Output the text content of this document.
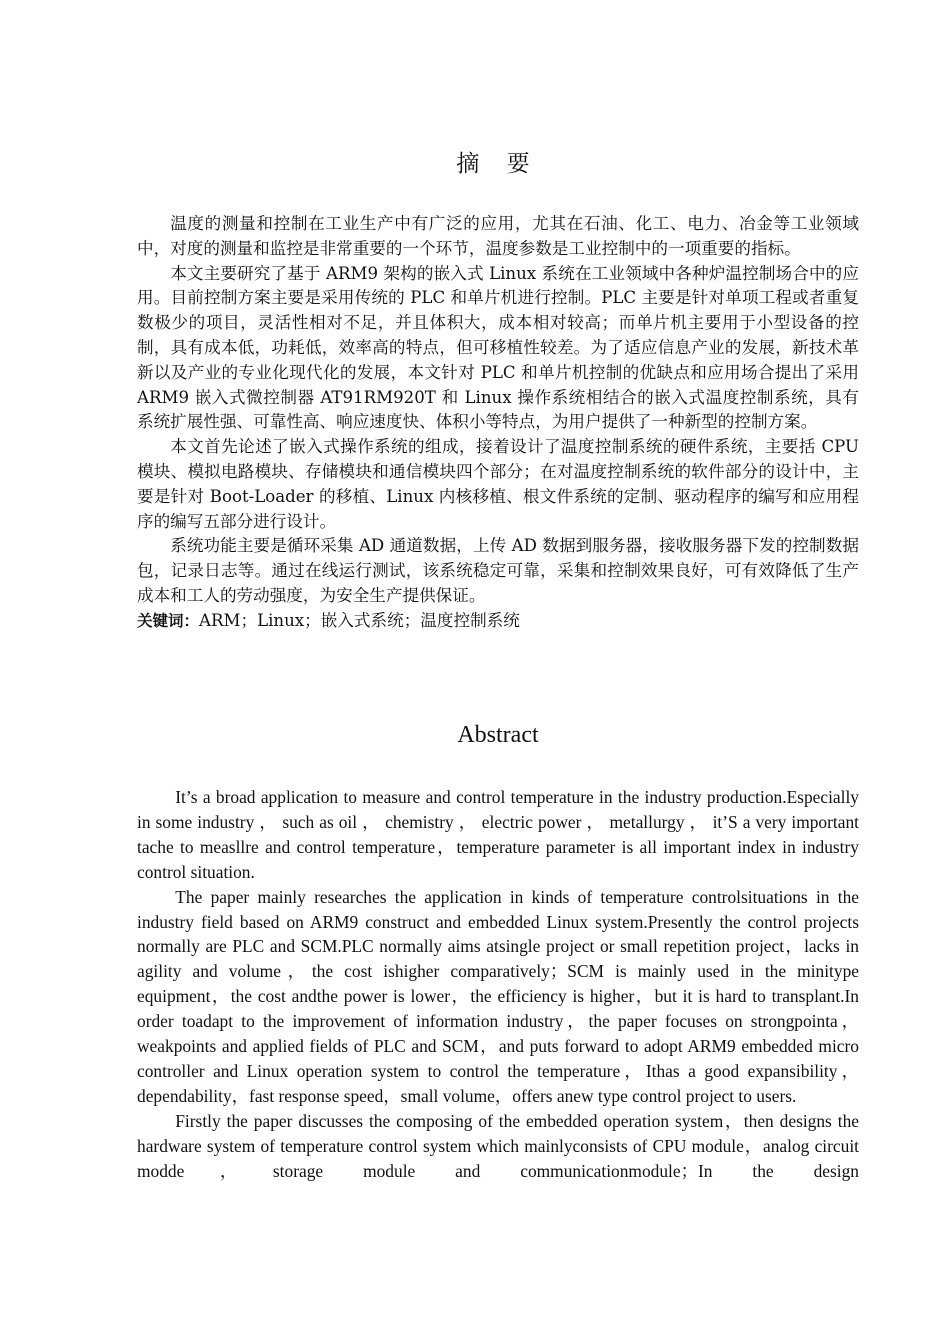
摘 要

温度的测量和控制在工业生产中有广泛的应用，尤其在石油、化工、电力、冶金等工业领域中，对度的测量和监控是非常重要的一个环节，温度参数是工业控制中的一项重要的指标。

本文主要研究了基于 ARM9 架构的嵌入式 Linux 系统在工业领域中各种炉温控制场合中的应用。目前控制方案主要是采用传统的 PLC 和单片机进行控制。PLC 主要是针对单项工程或者重复数极少的项目，灵活性相对不足，并且体积大，成本相对较高；而单片机主要用于小型设备的控制，具有成本低，功耗低，效率高的特点，但可移植性较差。为了适应信息产业的发展，新技术革新以及产业的专业化现代化的发展，本文针对 PLC 和单片机控制的优缺点和应用场合提出了采用 ARM9 嵌入式微控制器 AT91RM920T 和 Linux 操作系统相结合的嵌入式温度控制系统，具有系统扩展性强、可靠性高、响应速度快、体积小等特点，为用户提供了一种新型的控制方案。

本文首先论述了嵌入式操作系统的组成，接着设计了温度控制系统的硬件系统，主要括 CPU 模块、模拟电路模块、存储模块和通信模块四个部分；在对温度控制系统的软件部分的设计中，主要是针对 Boot-Loader 的移植、Linux 内核移植、根文件系统的定制、驱动程序的编写和应用程序的编写五部分进行设计。

系统功能主要是循环采集 AD 通道数据，上传 AD 数据到服务器，接收服务器下发的控制数据包，记录日志等。通过在线运行测试，该系统稳定可靠，采集和控制效果良好，可有效降低了生产成本和工人的劳动强度，为安全生产提供保证。

关键词：ARM；Linux；嵌入式系统；温度控制系统
Abstract

It’s a broad application to measure and control temperature in the industry production.Especially in some industry ， such as oil ， chemistry ， electric power ， metallurgy ， it’S a very important tache to measllre and control temperature，temperature parameter is all important index in industry control situation.

The paper mainly researches the application in kinds of temperature controlsituations in the industry field based on ARM9 construct and embedded Linux system.Presently the control projects normally are PLC and SCM.PLC normally aims atsingle project or small repetition project，lacks in agility and volume，the cost ishigher comparatively；SCM is mainly used in the minitype equipment，the cost andthe power is lower，the efficiency is higher，but it is hard to transplant.In order toadapt to the improvement of information industry，the paper focuses on strongpointa，weakpoints and applied fields of PLC and SCM，and puts forward to adopt ARM9 embedded micro controller and Linux operation system to control the temperature，Ithas a good expansibility，dependability，fast response speed，small volume，offers anew type control project to users.

Firstly the paper discusses the composing of the embedded operation system，then designs the hardware system of temperature control system which mainlyconsists of CPU module，analog circuit modde，storage module and communicationmodule；In the design
